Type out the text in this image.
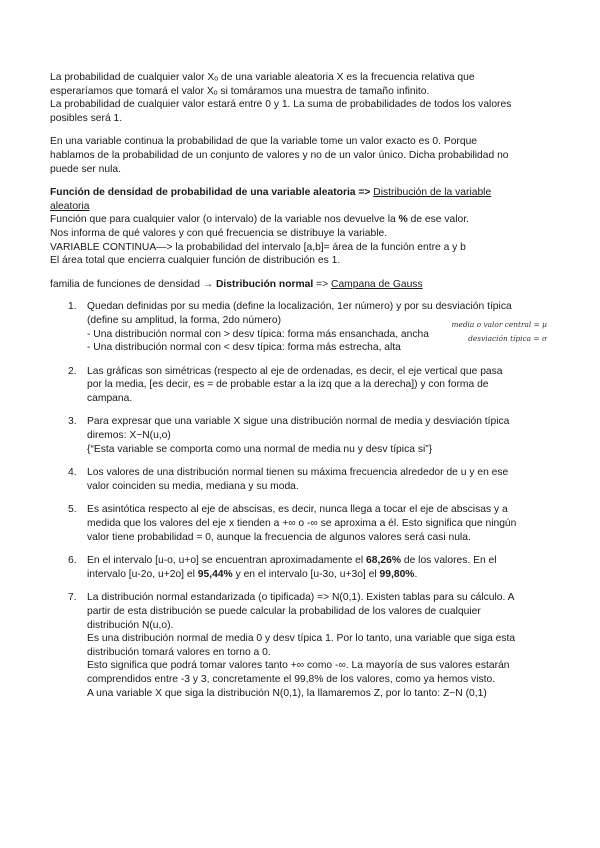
La probabilidad de cualquier valor Xₒ de una variable aleatoria X es la frecuencia relativa que
esperaríamos que tomará el valor Xₒ si tomáramos una muestra de tamaño infinito.

La probabilidad de cualquier valor estará entre 0 y 1. La suma de probabilidades de todos los valores
posibles será 1.

En una variable continua la probabilidad de que la variable tome un valor exacto es 0. Porque
hablamos de la probabilidad de un conjunto de valores y no de un valor único. Dicha probabilidad no
puede ser nula.

Función de densidad de probabilidad de una variable aleatoria => Distribución de la variable
aleatoria
Función que para cualquier valor (o intervalo) de la variable nos devuelve la % de ese valor.
Nos informa de qué valores y con qué frecuencia se distribuye la variable.
VARIABLE CONTINUA—> la probabilidad del intervalo [a,b]= área de la función entre a y b
El área total que encierra cualquier función de distribución es 1.

familia de funciones de densidad → Distribución normal => Campana de Gauss

1. Quedan definidas por su media (define la localización, 1er número) y por su desviación típica
(define su amplitud, la forma, 2do número)
- Una distribución normal con > desv típica: forma más ensanchada, ancha
- Una distribución normal con < desv típica: forma más estrecha, alta
media o valor central = μ
desviación típica = σ
2. Las gráficas son simétricas (respecto al eje de ordenadas, es decir, el eje vertical que pasa
por la media, [es decir, es = de probable estar a la izq que a la derecha]) y con forma de
campana.
3. Para expresar que una variable X sigue una distribución normal de media y desviación típica
diremos: X~N(u,o)
{“Esta variable se comporta como una normal de media nu y desv típica si”}
4. Los valores de una distribución normal tienen su máxima frecuencia alrededor de u y en ese
valor coinciden su media, mediana y su moda.
5. Es asintótica respecto al eje de abscisas, es decir, nunca llega a tocar el eje de abscisas y a
medida que los valores del eje x tienden a +∞ o -∞ se aproxima a él. Esto significa que ningún
valor tiene probabilidad = 0, aunque la frecuencia de algunos valores será casi nula.
6. En el intervalo [u-o, u+o] se encuentran aproximadamente el 68,26% de los valores. En el
intervalo [u-2o, u+2o] el 95,44% y en el intervalo [u-3o, u+3o] el 99,80%.
7. La distribución normal estandarizada (o tipificada) => N(0,1). Existen tablas para su cálculo. A
partir de esta distribución se puede calcular la probabilidad de los valores de cualquier
distribución N(u,o).
Es una distribución normal de media 0 y desv típica 1. Por lo tanto, una variable que siga esta
distribución tomará valores en torno a 0.
Esto significa que podrá tomar valores tanto +∞ como -∞. La mayoría de sus valores estarán
comprendidos entre -3 y 3, concretamente el 99,8% de los valores, como ya hemos visto.
A una variable X que siga la distribución N(0,1), la llamaremos Z, por lo tanto: Z~N (0,1)
